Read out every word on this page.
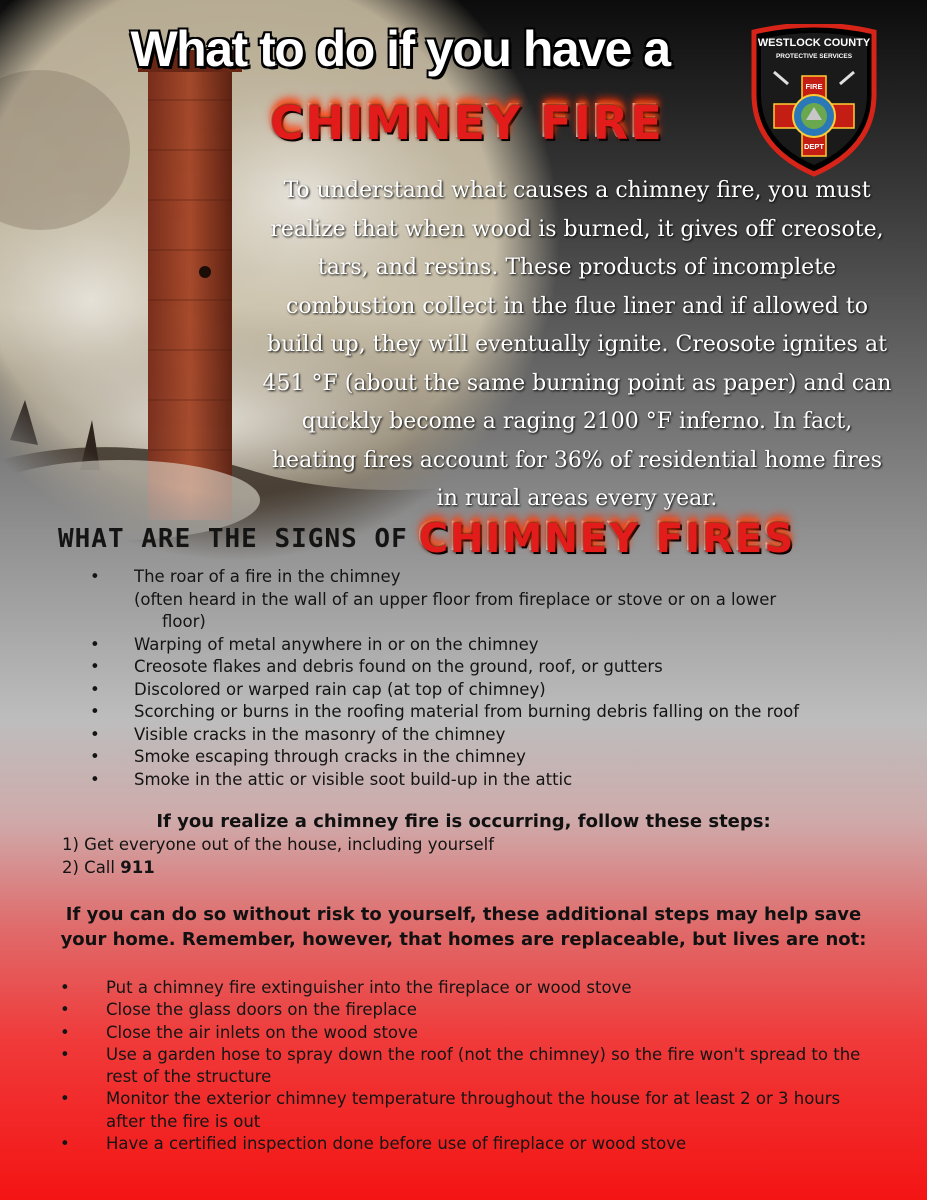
WESTLOCK COUNTY
PROTECTIVE SERVICES
FIRE
DEPT
What to do if you have a
CHIMNEY FIRE

To understand what causes a chimney fire, you must realize that when wood is burned, it gives off creosote, tars, and resins. These products of incomplete combustion collect in the flue liner and if allowed to build up, they will eventually ignite. Creosote ignites at 451 °F (about the same burning point as paper) and can quickly become a raging 2100 °F inferno. In fact, heating fires account for 36% of residential home fires in rural areas every year.

WHAT ARE THE SIGNS OF CHIMNEY FIRES
• The roar of a fire in the chimney
(often heard in the wall of an upper floor from fireplace or stove or on a lower
floor)
• Warping of metal anywhere in or on the chimney
• Creosote flakes and debris found on the ground, roof, or gutters
• Discolored or warped rain cap (at top of chimney)
• Scorching or burns in the roofing material from burning debris falling on the roof
• Visible cracks in the masonry of the chimney
• Smoke escaping through cracks in the chimney
• Smoke in the attic or visible soot build-up in the attic
If you realize a chimney fire is occurring, follow these steps:
1) Get everyone out of the house, including yourself
2) Call 911
If you can do so without risk to yourself, these additional steps may help save your home. Remember, however, that homes are replaceable, but lives are not:
• Put a chimney fire extinguisher into the fireplace or wood stove
• Close the glass doors on the fireplace
• Close the air inlets on the wood stove
• Use a garden hose to spray down the roof (not the chimney) so the fire won't spread to the rest of the structure
• Monitor the exterior chimney temperature throughout the house for at least 2 or 3 hours after the fire is out
• Have a certified inspection done before use of fireplace or wood stove
